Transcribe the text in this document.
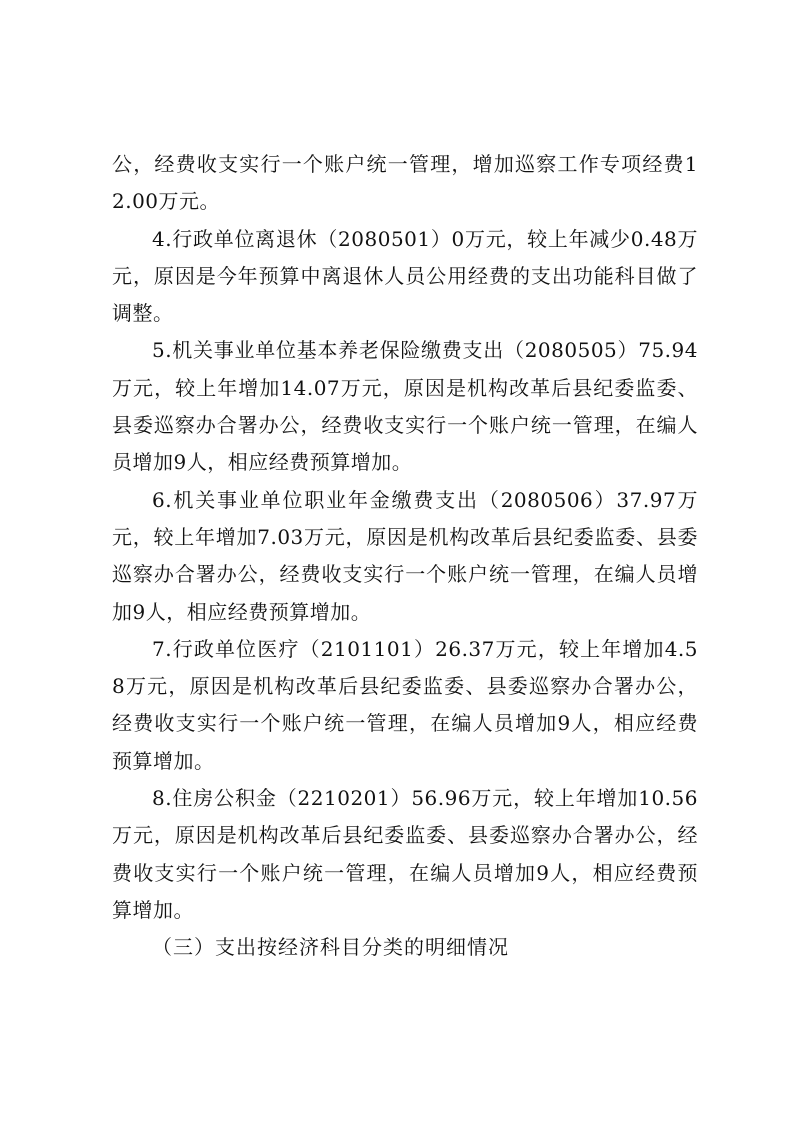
公，经费收支实行一个账户统一管理，增加巡察工作专项经费12.00万元。

4.行政单位离退休（2080501）0万元，较上年减少0.48万元，原因是今年预算中离退休人员公用经费的支出功能科目做了调整。

5.机关事业单位基本养老保险缴费支出（2080505）75.94万元，较上年增加14.07万元，原因是机构改革后县纪委监委、县委巡察办合署办公，经费收支实行一个账户统一管理，在编人员增加9人，相应经费预算增加。

6.机关事业单位职业年金缴费支出（2080506）37.97万元，较上年增加7.03万元，原因是机构改革后县纪委监委、县委巡察办合署办公，经费收支实行一个账户统一管理，在编人员增加9人，相应经费预算增加。

7.行政单位医疗（2101101）26.37万元，较上年增加4.58万元，原因是机构改革后县纪委监委、县委巡察办合署办公，经费收支实行一个账户统一管理，在编人员增加9人，相应经费预算增加。

8.住房公积金（2210201）56.96万元，较上年增加10.56万元，原因是机构改革后县纪委监委、县委巡察办合署办公，经费收支实行一个账户统一管理，在编人员增加9人，相应经费预算增加。

（三）支出按经济科目分类的明细情况
